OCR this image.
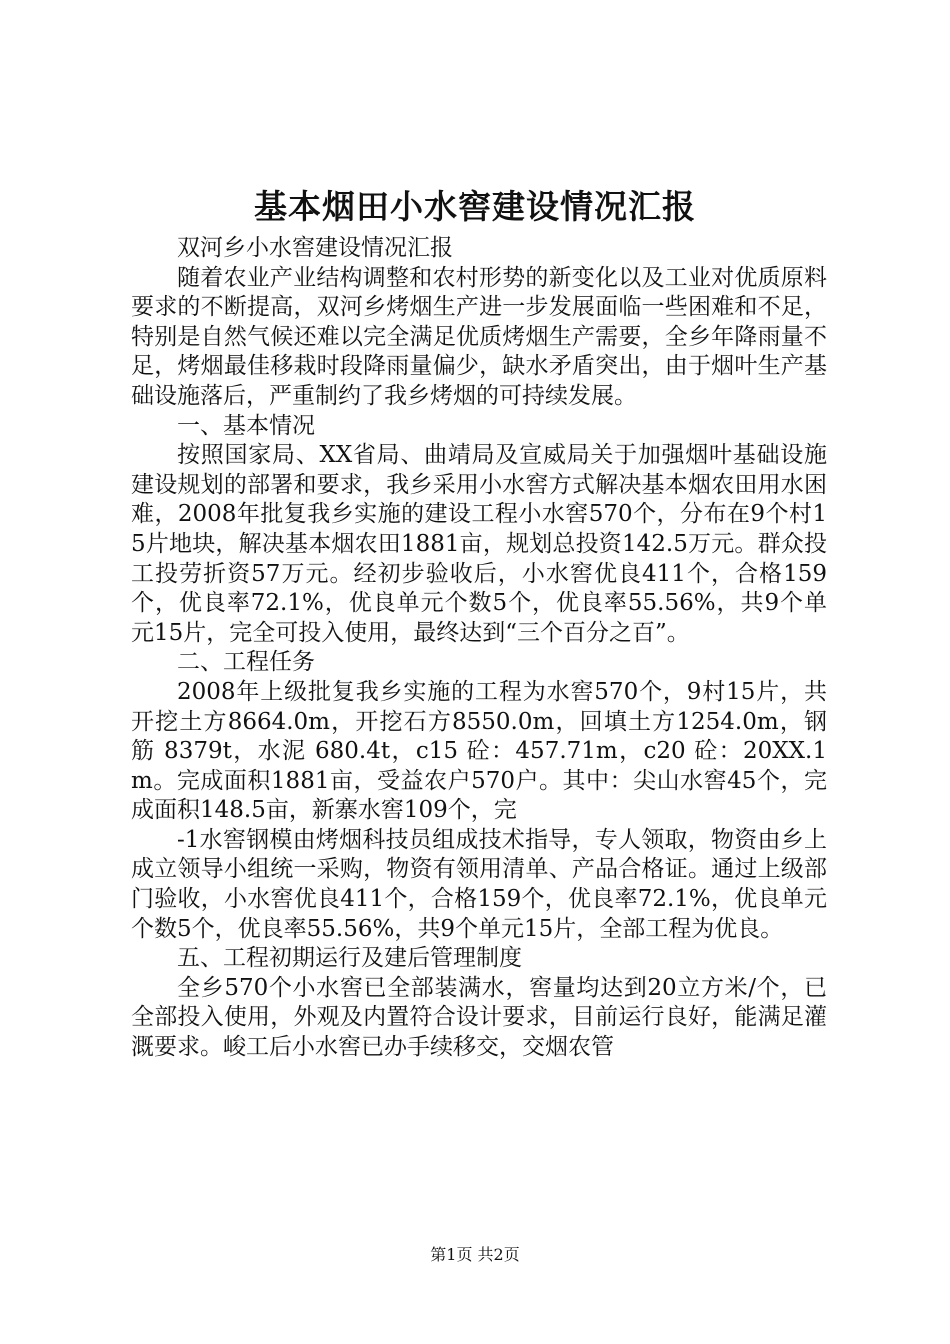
基本烟田小水窖建设情况汇报

双河乡小水窖建设情况汇报

随着农业产业结构调整和农村形势的新变化以及工业对优质原料要求的不断提高，双河乡烤烟生产进一步发展面临一些困难和不足，特别是自然气候还难以完全满足优质烤烟生产需要，全乡年降雨量不足，烤烟最佳移栽时段降雨量偏少，缺水矛盾突出，由于烟叶生产基础设施落后，严重制约了我乡烤烟的可持续发展。

一、基本情况

按照国家局、XX省局、曲靖局及宣威局关于加强烟叶基础设施建设规划的部署和要求，我乡采用小水窖方式解决基本烟农田用水困难，2008年批复我乡实施的建设工程小水窖570个，分布在9个村15片地块，解决基本烟农田1881亩，规划总投资142.5万元。群众投工投劳折资57万元。经初步验收后，小水窖优良411个，合格159个，优良率72.1%，优良单元个数5个，优良率55.56%，共9个单元15片，完全可投入使用，最终达到“三个百分之百”。

二、工程任务

2008年上级批复我乡实施的工程为水窖570个，9村15片，共开挖土方8664.0m，开挖石方8550.0m，回填土方1254.0m，钢筋 8379t，水泥 680.4t，c15 砼：457.71m，c20 砼：20XX.1m。完成面积1881亩，受益农户570户。其中：尖山水窖45个，完成面积148.5亩，新寨水窖109个，完

-1水窖钢模由烤烟科技员组成技术指导，专人领取，物资由乡上成立领导小组统一采购，物资有领用清单、产品合格证。通过上级部门验收，小水窖优良411个，合格159个，优良率72.1%，优良单元个数5个，优良率55.56%，共9个单元15片，全部工程为优良。

五、工程初期运行及建后管理制度

全乡570个小水窖已全部装满水，窖量均达到20立方米/个，已全部投入使用，外观及内置符合设计要求，目前运行良好，能满足灌溉要求。峻工后小水窖已办手续移交，交烟农管

第1页 共2页
